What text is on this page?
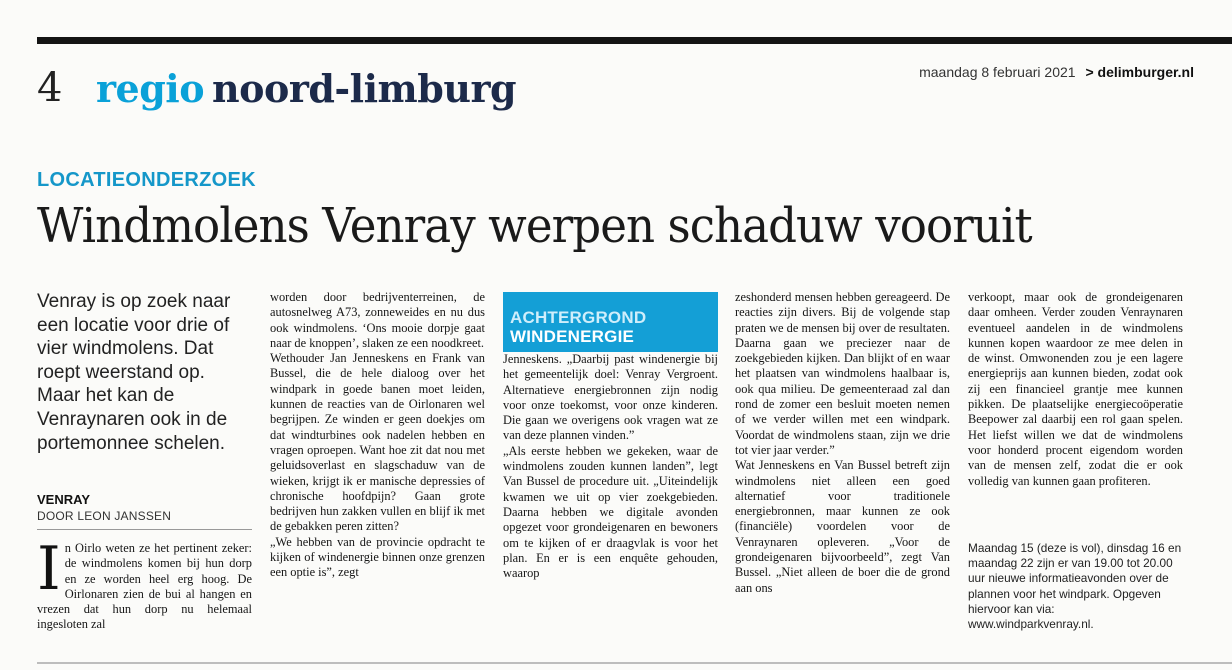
4 regio noord-limburg	maandag 8 februari 2021 > delimburger.nl
LOCATIEONDERZOEK
Windmolens Venray werpen schaduw vooruit
Venray is op zoek naar een locatie voor drie of vier windmolens. Dat roept weerstand op. Maar het kan de Venraynaren ook in de portemonnee schelen.
VENRAY
DOOR LEON JANSSEN
I n Oirlo weten ze het pertinent zeker: de windmolens komen bij hun dorp en ze worden heel erg hoog. De Oirlonaren zien de bui al hangen en vrezen dat hun dorp nu helemaal ingesloten zal

worden door bedrijventerreinen, de autosnelweg A73, zonneweides en nu dus ook windmolens. ‘Ons mooie dorpje gaat naar de knoppen’, slaken ze een noodkreet.

Wethouder Jan Jenneskens en Frank van Bussel, die de hele dialoog over het windpark in goede banen moet leiden, kunnen de reacties van de Oirlonaren wel begrijpen. Ze winden er geen doekjes om dat windturbines ook nadelen hebben en vragen oproepen. Want hoe zit dat nou met geluidsoverlast en slagschaduw van de wieken, krijgt ik er manische depressies of chronische hoofdpijn? Gaan grote bedrijven hun zakken vullen en blijf ik met de gebakken peren zitten?

„We hebben van de provincie opdracht te kijken of windenergie binnen onze grenzen een optie is”, zegt

ACHTERGROND
WINDENERGIE

Jenneskens. „Daarbij past windenergie bij het gemeentelijk doel: Venray Vergroent. Alternatieve energiebronnen zijn nodig voor onze toekomst, voor onze kinderen. Die gaan we overigens ook vragen wat ze van deze plannen vinden.”

„Als eerste hebben we gekeken, waar de windmolens zouden kunnen landen”, legt Van Bussel de procedure uit. „Uiteindelijk kwamen we uit op vier zoekgebieden. Daarna hebben we digitale avonden opgezet voor grondeigenaren en bewoners om te kijken of er draagvlak is voor het plan. En er is een enquête gehouden, waarop

zeshonderd mensen hebben gereageerd. De reacties zijn divers. Bij de volgende stap praten we de mensen bij over de resultaten. Daarna gaan we preciezer naar de zoekgebieden kijken. Dan blijkt of en waar het plaatsen van windmolens haalbaar is, ook qua milieu. De gemeenteraad zal dan rond de zomer een besluit moeten nemen of we verder willen met een windpark. Voordat de windmolens staan, zijn we drie tot vier jaar verder.”

Wat Jenneskens en Van Bussel betreft zijn windmolens niet alleen een goed alternatief voor traditionele energiebronnen, maar kunnen ze ook (financiële) voordelen voor de Venraynaren opleveren. „Voor de grondeigenaren bijvoorbeeld”, zegt Van Bussel. „Niet alleen de boer die de grond aan ons

verkoopt, maar ook de grondeigenaren daar omheen. Verder zouden Venraynaren eventueel aandelen in de windmolens kunnen kopen waardoor ze mee delen in de winst. Omwonenden zou je een lagere energieprijs aan kunnen bieden, zodat ook zij een financieel grantje mee kunnen pikken. De plaatselijke energiecoöperatie Beepower zal daarbij een rol gaan spelen. Het liefst willen we dat de windmolens voor honderd procent eigendom worden van de mensen zelf, zodat die er ook volledig van kunnen gaan profiteren.

Maandag 15 (deze is vol), dinsdag 16 en maandag 22 zijn er van 19.00 tot 20.00 uur nieuwe informatieavonden over de plannen voor het windpark. Opgeven hiervoor kan via: www.windparkvenray.nl.
